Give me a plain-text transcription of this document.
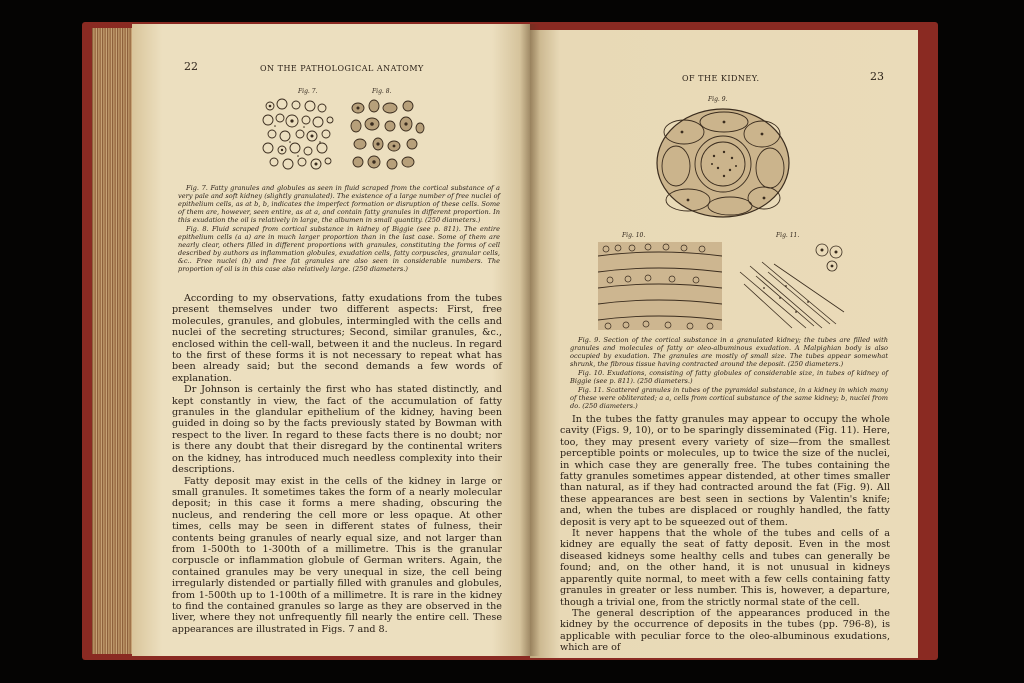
22	ON THE PATHOLOGICAL ANATOMY
Fig. 7.	Fig. 8.

Fig. 7. Fatty granules and globules as seen in fluid scraped from the cortical substance of a very pale and soft kidney (slightly granulated). The existence of a large number of free nuclei of epithelium cells, as at b, b, indicates the imperfect formation or disruption of these cells. Some of them are, however, seen entire, as at a, and contain fatty granules in different proportion. In this exudation the oil is relatively in large, the albumen in small quantity. (250 diameters.)

Fig. 8. Fluid scraped from cortical substance in kidney of Biggie (see p. 811). The entire epithelium cells (a a) are in much larger proportion than in the last case. Some of them are nearly clear, others filled in different proportions with granules, constituting the forms of cell described by authors as inflammation globules, exudation cells, fatty corpuscles, granular cells, &c.. Free nuclei (b) and free fat granules are also seen in considerable numbers. The proportion of oil is in this case also relatively large. (250 diameters.)

According to my observations, fatty exudations from the tubes present themselves under two different aspects: First, free molecules, granules, and globules, intermingled with the cells and nuclei of the secreting structures; Second, similar granules, &c., enclosed within the cell-wall, between it and the nucleus. In regard to the first of these forms it is not necessary to repeat what has been already said; but the second demands a few words of explanation.

Dr Johnson is certainly the first who has stated distinctly, and kept constantly in view, the fact of the accumulation of fatty granules in the glandular epithelium of the kidney, having been guided in doing so by the facts previously stated by Bowman with respect to the liver. In regard to these facts there is no doubt; nor is there any doubt that their disregard by the continental writers on the kidney, has introduced much needless complexity into their descriptions.

Fatty deposit may exist in the cells of the kidney in large or small granules. It sometimes takes the form of a nearly molecular deposit; in this case it forms a mere shading, obscuring the nucleus, and rendering the cell more or less opaque. At other times, cells may be seen in different states of fulness, their contents being granules of nearly equal size, and not larger than from 1-500th to 1-300th of a millimetre. This is the granular corpuscle or inflammation globule of German writers. Again, the contained granules may be very unequal in size, the cell being irregularly distended or partially filled with granules and globules, from 1-500th up to 1-100th of a millimetre. It is rare in the kidney to find the contained granules so large as they are observed in the liver, where they not unfrequently fill nearly the entire cell. These appearances are illustrated in Figs. 7 and 8.

OF THE KIDNEY.	23
Fig. 9.
Fig. 10.	Fig. 11.

Fig. 9. Section of the cortical substance in a granulated kidney; the tubes are filled with granules and molecules of fatty or oleo-albuminous exudation. A Malpighian body is also occupied by exudation. The granules are mostly of small size. The tubes appear somewhat shrunk, the fibrous tissue having contracted around the deposit. (250 diameters.)

Fig. 10. Exudations, consisting of fatty globules of considerable size, in tubes of kidney of Biggie (see p. 811). (250 diameters.)

Fig. 11. Scattered granules in tubes of the pyramidal substance, in a kidney in which many of these were obliterated; a a, cells from cortical substance of the same kidney; b, nuclei from do. (250 diameters.)

In the tubes the fatty granules may appear to occupy the whole cavity (Figs. 9, 10), or to be sparingly disseminated (Fig. 11). Here, too, they may present every variety of size—from the smallest perceptible points or molecules, up to twice the size of the nuclei, in which case they are generally free. The tubes containing the fatty granules sometimes appear distended, at other times smaller than natural, as if they had contracted around the fat (Fig. 9). All these appearances are best seen in sections by Valentin's knife; and, when the tubes are displaced or roughly handled, the fatty deposit is very apt to be squeezed out of them.

It never happens that the whole of the tubes and cells of a kidney are equally the seat of fatty deposit. Even in the most diseased kidneys some healthy cells and tubes can generally be found; and, on the other hand, it is not unusual in kidneys apparently quite normal, to meet with a few cells containing fatty granules in greater or less number. This is, however, a departure, though a trivial one, from the strictly normal state of the cell.

The general description of the appearances produced in the kidney by the occurrence of deposits in the tubes (pp. 796-8), is applicable with peculiar force to the oleo-albuminous exudations, which are of
